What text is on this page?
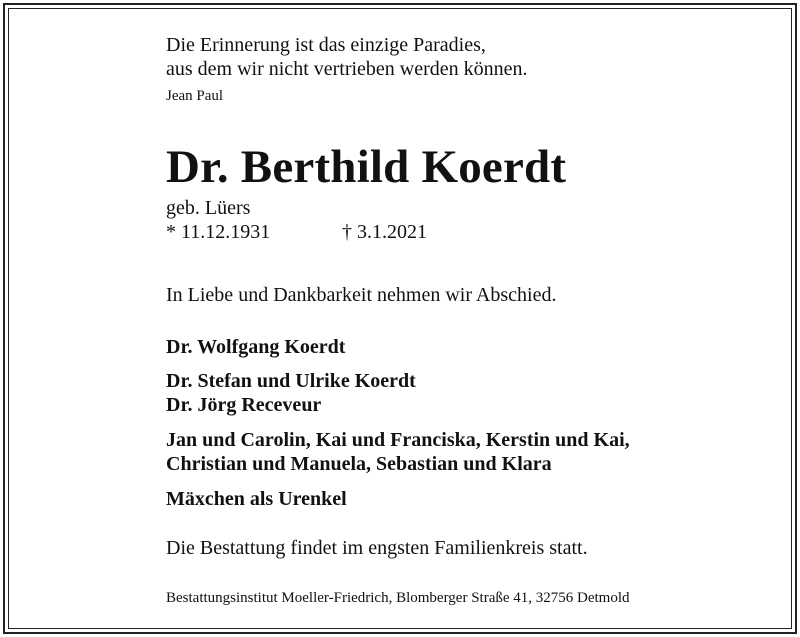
Die Erinnerung ist das einzige Paradies,
aus dem wir nicht vertrieben werden können.
Jean Paul
Dr. Berthild Koerdt
geb. Lüers
* 11.12.1931	† 3.1.2021
In Liebe und Dankbarkeit nehmen wir Abschied.
Dr. Wolfgang Koerdt
Dr. Stefan und Ulrike Koerdt
Dr. Jörg Receveur
Jan und Carolin, Kai und Franciska, Kerstin und Kai,
Christian und Manuela, Sebastian und Klara
Mäxchen als Urenkel
Die Bestattung findet im engsten Familienkreis statt.
Bestattungsinstitut Moeller-Friedrich, Blomberger Straße 41, 32756 Detmold
